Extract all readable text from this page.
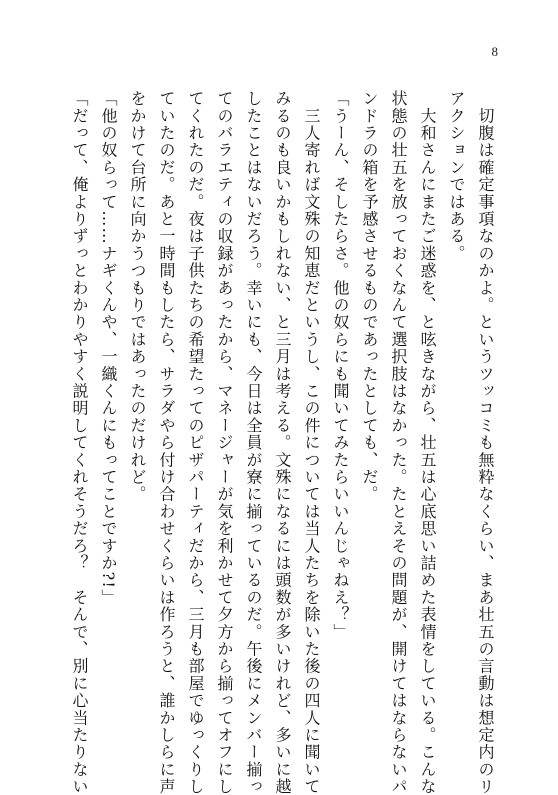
8

　切腹は確定事項なのかよ。というツッコミも無粋なくらい、まあ壮五の言動は想定内のリ

アクションではある。

　大和さんにまたご迷惑を、と呟きながら、壮五は心底思い詰めた表情をしている。こんな

状態の壮五を放っておくなんて選択肢はなかった。たとえその問題が、開けてはならないパ

ンドラの箱を予感させるものであったとしても、だ。

「うーん、そしたらさ。他の奴らにも聞いてみたらいいんじゃねえ？」

　三人寄れば文殊の知恵だというし、この件については当人たちを除いた後の四人に聞いて

みるのも良いかもしれない、と三月は考える。文殊になるには頭数が多いけれど、多いに越

したことはないだろう。幸いにも、今日は全員が寮に揃っているのだ。午後にメンバー揃っ

てのバラエティの収録があったから、マネージャーが気を利かせて夕方から揃ってオフにし

てくれたのだ。夜は子供たちの希望たってのピザパーティだから、三月も部屋でゆっくりし

ていたのだ。あと一時間もしたら、サラダやら付け合わせくらいは作ろうと、誰かしらに声

をかけて台所に向かうつもりではあったのだけれど。

「他の奴らって……ナギくんや、一織くんにもってことですか?!」

「だって、俺よりずっとわかりやすく説明してくれそうだろ？　そんで、別に心当たりない
